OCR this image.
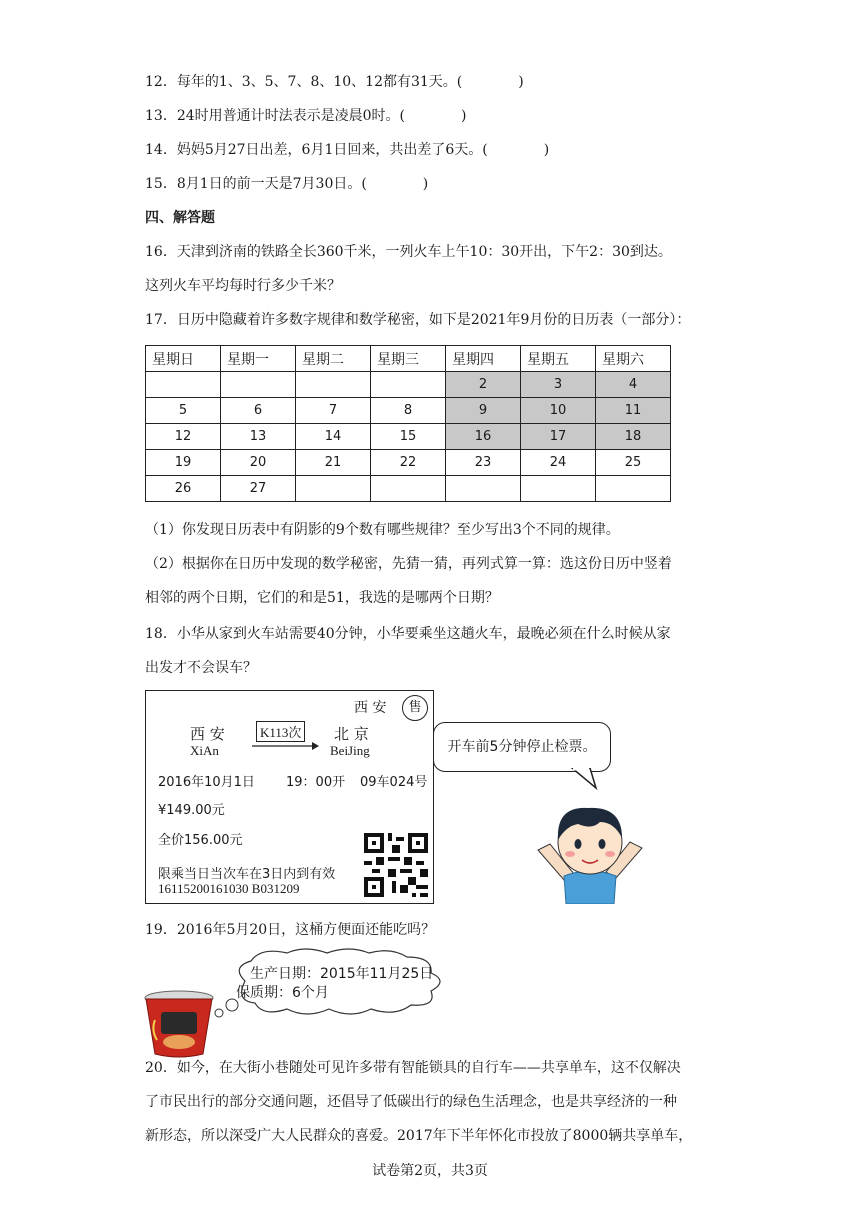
12．每年的1、3、5、7、8、10、12都有31天。(　　　　)
13．24时用普通计时法表示是凌晨0时。(　　　　)
14．妈妈5月27日出差，6月1日回来，共出差了6天。(　　　　)
15．8月1日的前一天是7月30日。(　　　　)
四、解答题
16．天津到济南的铁路全长360千米，一列火车上午10：30开出，下午2：30到达。
这列火车平均每时行多少千米？
17．日历中隐藏着许多数字规律和数学秘密，如下是2021年9月份的日历表（一部分）：
星期日	星期一	星期二	星期三	星期四	星期五	星期六
				2	3	4
5	6	7	8	9	10	11
12	13	14	15	16	17	18
19	20	21	22	23	24	25
26	27					
（1）你发现日历表中有阴影的9个数有哪些规律？至少写出3个不同的规律。
（2）根据你在日历中发现的数学秘密，先猜一猜，再列式算一算：选这份日历中竖着
相邻的两个日期，它们的和是51，我选的是哪两个日期？
18．小华从家到火车站需要40分钟，小华要乘坐这趟火车，最晚必须在什么时候从家
出发才不会误车？
西 安	售
西 安
XiAn
K113次 北 京
BeiJing
2016年10月1日 19：00开 09车024号
¥149.00元
全价156.00元
限乘当日当次车在3日内到有效
16115200161030 B031209
开车前5分钟停止检票。
19．2016年5月20日，这桶方便面还能吃吗？
生产日期：2015年11月25日
保质期：6个月
20．如今，在大街小巷随处可见许多带有智能锁具的自行车——共享单车，这不仅解决
了市民出行的部分交通问题，还倡导了低碳出行的绿色生活理念，也是共享经济的一种
新形态，所以深受广大人民群众的喜爱。2017年下半年怀化市投放了8000辆共享单车，
试卷第2页，共3页
